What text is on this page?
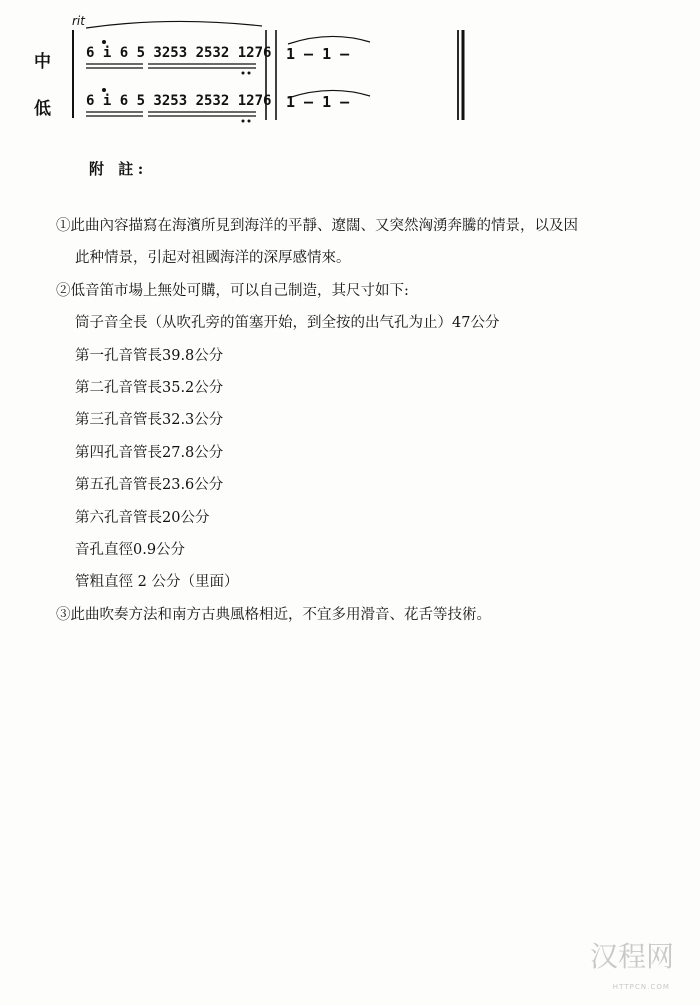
rit
中
低
6 i 6 5 3253 2532 1276 1 — 1 —
6 i 6 5 3253 2532 1276 1 — 1 —
附 註:
①此曲內容描寫在海濱所見到海洋的平靜、遼闊、又突然洶湧奔騰的情景，以及因
此种情景，引起对祖國海洋的深厚感情來。
②低音笛市場上無处可購，可以自己制造，其尺寸如下:
筒子音全長（从吹孔旁的笛塞开始，到全按的出气孔为止）47公分
第一孔音管長39.8公分
第二孔音管長35.2公分
第三孔音管長32.3公分
第四孔音管長27.8公分
第五孔音管長23.6公分
第六孔音管長20公分
音孔直徑0.9公分
管粗直徑 2 公分（里面）
③此曲吹奏方法和南方古典風格相近，不宜多用滑音、花舌等技術。
汉程网
HTTPCN.COM
